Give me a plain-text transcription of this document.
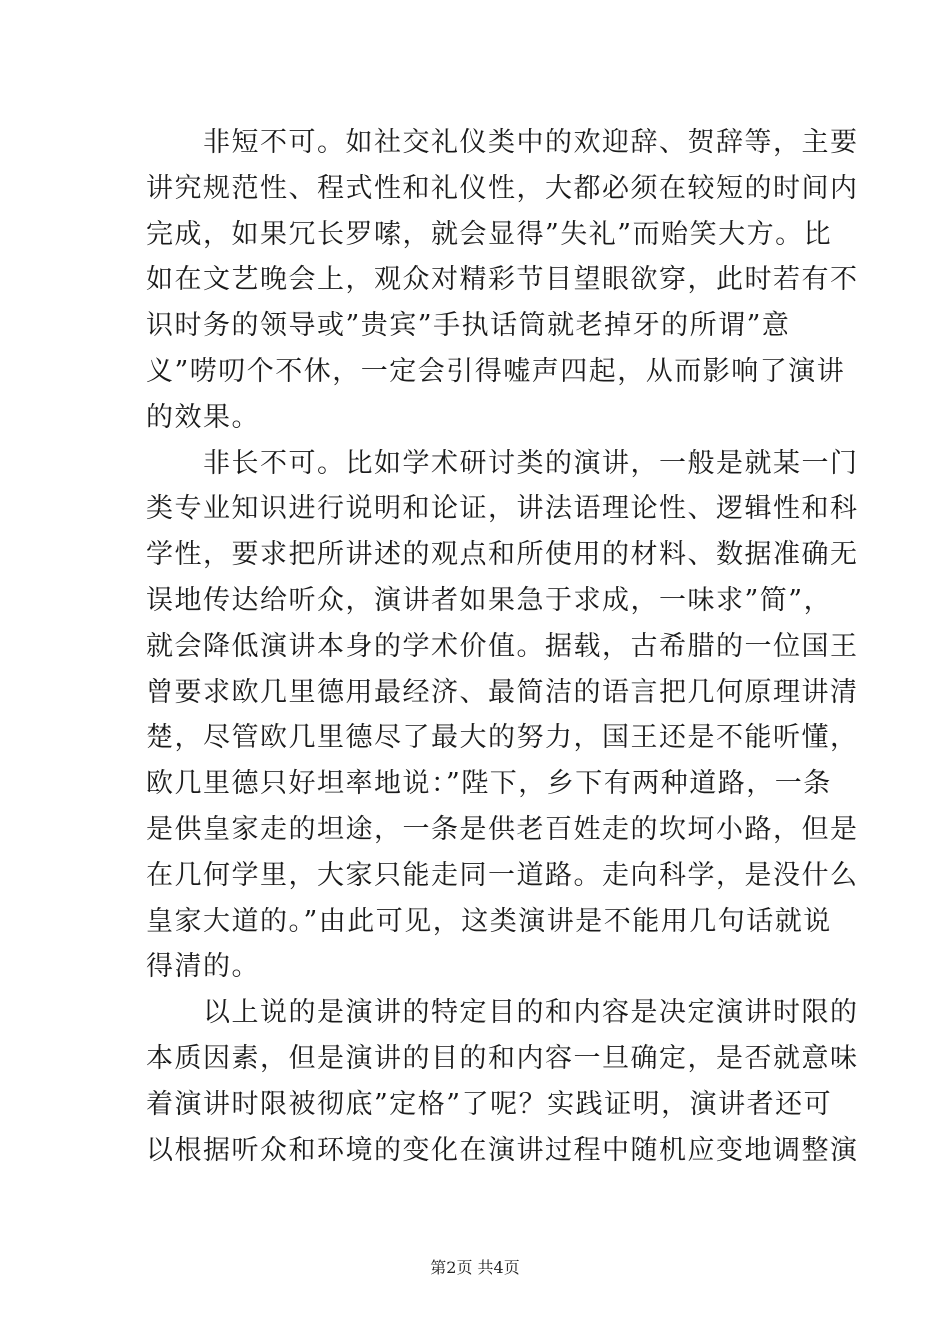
　　非短不可。如社交礼仪类中的欢迎辞、贺辞等，主要
讲究规范性、程式性和礼仪性，大都必须在较短的时间内
完成，如果冗长罗嗦，就会显得”失礼”而贻笑大方。比
如在文艺晚会上，观众对精彩节目望眼欲穿，此时若有不
识时务的领导或”贵宾”手执话筒就老掉牙的所谓”意
义”唠叨个不休，一定会引得嘘声四起，从而影响了演讲
的效果。
　　非长不可。比如学术研讨类的演讲，一般是就某一门
类专业知识进行说明和论证，讲法语理论性、逻辑性和科
学性，要求把所讲述的观点和所使用的材料、数据准确无
误地传达给听众，演讲者如果急于求成，一味求”简”，
就会降低演讲本身的学术价值。据载，古希腊的一位国王
曾要求欧几里德用最经济、最简洁的语言把几何原理讲清
楚，尽管欧几里德尽了最大的努力，国王还是不能听懂，
欧几里德只好坦率地说：”陛下，乡下有两种道路，一条
是供皇家走的坦途，一条是供老百姓走的坎坷小路，但是
在几何学里，大家只能走同一道路。走向科学，是没什么
皇家大道的。”由此可见，这类演讲是不能用几句话就说
得清的。
　　以上说的是演讲的特定目的和内容是决定演讲时限的
本质因素，但是演讲的目的和内容一旦确定，是否就意味
着演讲时限被彻底”定格”了呢？实践证明，演讲者还可
以根据听众和环境的变化在演讲过程中随机应变地调整演
第2页 共4页
